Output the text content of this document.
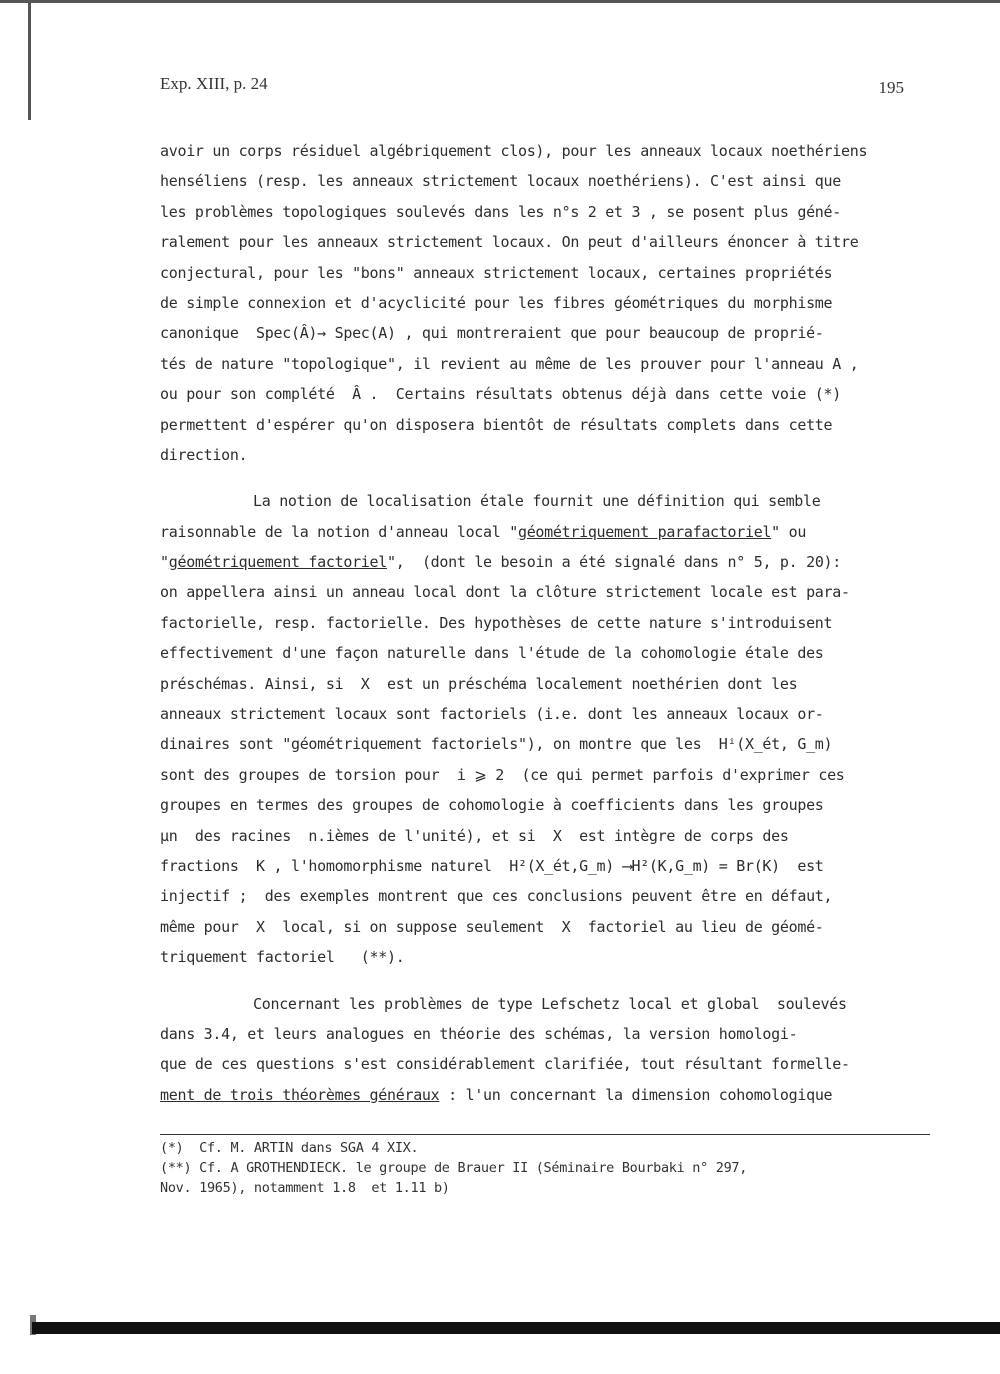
Exp. XIII, p. 24	195
avoir un corps résiduel algébriquement clos), pour les anneaux locaux noethériens
henséliens (resp. les anneaux strictement locaux noethériens). C'est ainsi que
les problèmes topologiques soulevés dans les n°s 2 et 3 , se posent plus géné-
ralement pour les anneaux strictement locaux. On peut d'ailleurs énoncer à titre
conjectural, pour les "bons" anneaux strictement locaux, certaines propriétés
de simple connexion et d'acyclicité pour les fibres géométriques du morphisme
canonique  Spec(Â)→ Spec(A) , qui montreraient que pour beaucoup de proprié-
tés de nature "topologique", il revient au même de les prouver pour l'anneau A ,
ou pour son complété  Â .  Certains résultats obtenus déjà dans cette voie (*)
permettent d'espérer qu'on disposera bientôt de résultats complets dans cette
direction.
La notion de localisation étale fournit une définition qui semble
raisonnable de la notion d'anneau local "géométriquement parafactoriel" ou
"géométriquement factoriel",  (dont le besoin a été signalé dans n° 5, p. 20):
on appellera ainsi un anneau local dont la clôture strictement locale est para-
factorielle, resp. factorielle. Des hypothèses de cette nature s'introduisent
effectivement d'une façon naturelle dans l'étude de la cohomologie étale des
préschémas. Ainsi, si  X  est un préschéma localement noethérien dont les
anneaux strictement locaux sont factoriels (i.e. dont les anneaux locaux or-
dinaires sont "géométriquement factoriels"), on montre que les  Hⁱ(X_ét, G_m)
sont des groupes de torsion pour  i ⩾ 2  (ce qui permet parfois d'exprimer ces
groupes en termes des groupes de cohomologie à coefficients dans les groupes
μn  des racines  n.ièmes de l'unité), et si  X  est intègre de corps des
fractions  K , l'homomorphisme naturel  H²(X_ét,G_m) ⟶H²(K,G_m) = Br(K)  est
injectif ;  des exemples montrent que ces conclusions peuvent être en défaut,
même pour  X  local, si on suppose seulement  X  factoriel au lieu de géomé-
triquement factoriel   (**).
Concernant les problèmes de type Lefschetz local et global  soulevés
dans 3.4, et leurs analogues en théorie des schémas, la version homologi-
que de ces questions s'est considérablement clarifiée, tout résultant formelle-
ment de trois théorèmes généraux : l'un concernant la dimension cohomologique
(*)  Cf. M. ARTIN dans SGA 4 XIX.
(**) Cf. A GROTHENDIECK. le groupe de Brauer II (Séminaire Bourbaki n° 297,
Nov. 1965), notamment 1.8  et 1.11 b)
